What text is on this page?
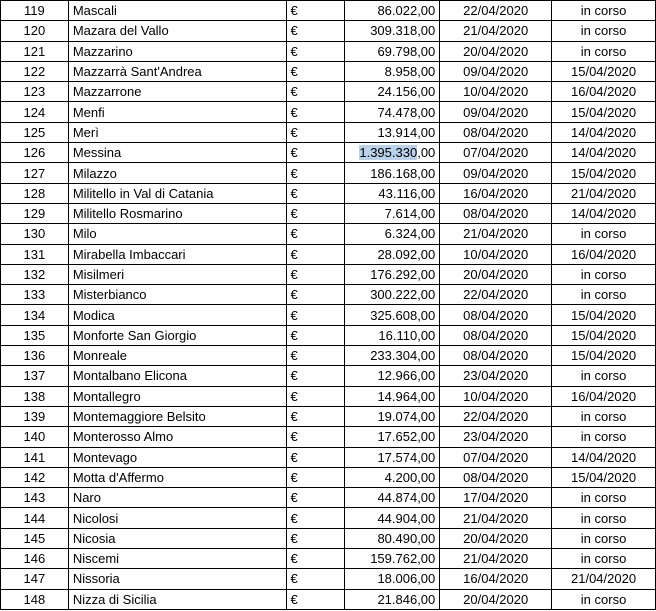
119	Mascali	€	86.022,00	22/04/2020	in corso
120	Mazara del Vallo	€	309.318,00	21/04/2020	in corso
121	Mazzarino	€	69.798,00	20/04/2020	in corso
122	Mazzarrà Sant'Andrea	€	8.958,00	09/04/2020	15/04/2020
123	Mazzarrone	€	24.156,00	10/04/2020	16/04/2020
124	Menfi	€	74.478,00	09/04/2020	15/04/2020
125	Merì	€	13.914,00	08/04/2020	14/04/2020
126	Messina	€	1.395.330,00	07/04/2020	14/04/2020
127	Milazzo	€	186.168,00	09/04/2020	15/04/2020
128	Militello in Val di Catania	€	43.116,00	16/04/2020	21/04/2020
129	Militello Rosmarino	€	7.614,00	08/04/2020	14/04/2020
130	Milo	€	6.324,00	21/04/2020	in corso
131	Mirabella Imbaccari	€	28.092,00	10/04/2020	16/04/2020
132	Misilmeri	€	176.292,00	20/04/2020	in corso
133	Misterbianco	€	300.222,00	22/04/2020	in corso
134	Modica	€	325.608,00	08/04/2020	15/04/2020
135	Monforte San Giorgio	€	16.110,00	08/04/2020	15/04/2020
136	Monreale	€	233.304,00	08/04/2020	15/04/2020
137	Montalbano Elicona	€	12.966,00	23/04/2020	in corso
138	Montallegro	€	14.964,00	10/04/2020	16/04/2020
139	Montemaggiore Belsito	€	19.074,00	22/04/2020	in corso
140	Monterosso Almo	€	17.652,00	23/04/2020	in corso
141	Montevago	€	17.574,00	07/04/2020	14/04/2020
142	Motta d'Affermo	€	4.200,00	08/04/2020	15/04/2020
143	Naro	€	44.874,00	17/04/2020	in corso
144	Nicolosi	€	44.904,00	21/04/2020	in corso
145	Nicosia	€	80.490,00	20/04/2020	in corso
146	Niscemi	€	159.762,00	21/04/2020	in corso
147	Nissoria	€	18.006,00	16/04/2020	21/04/2020
148	Nizza di Sicilia	€	21.846,00	20/04/2020	in corso
